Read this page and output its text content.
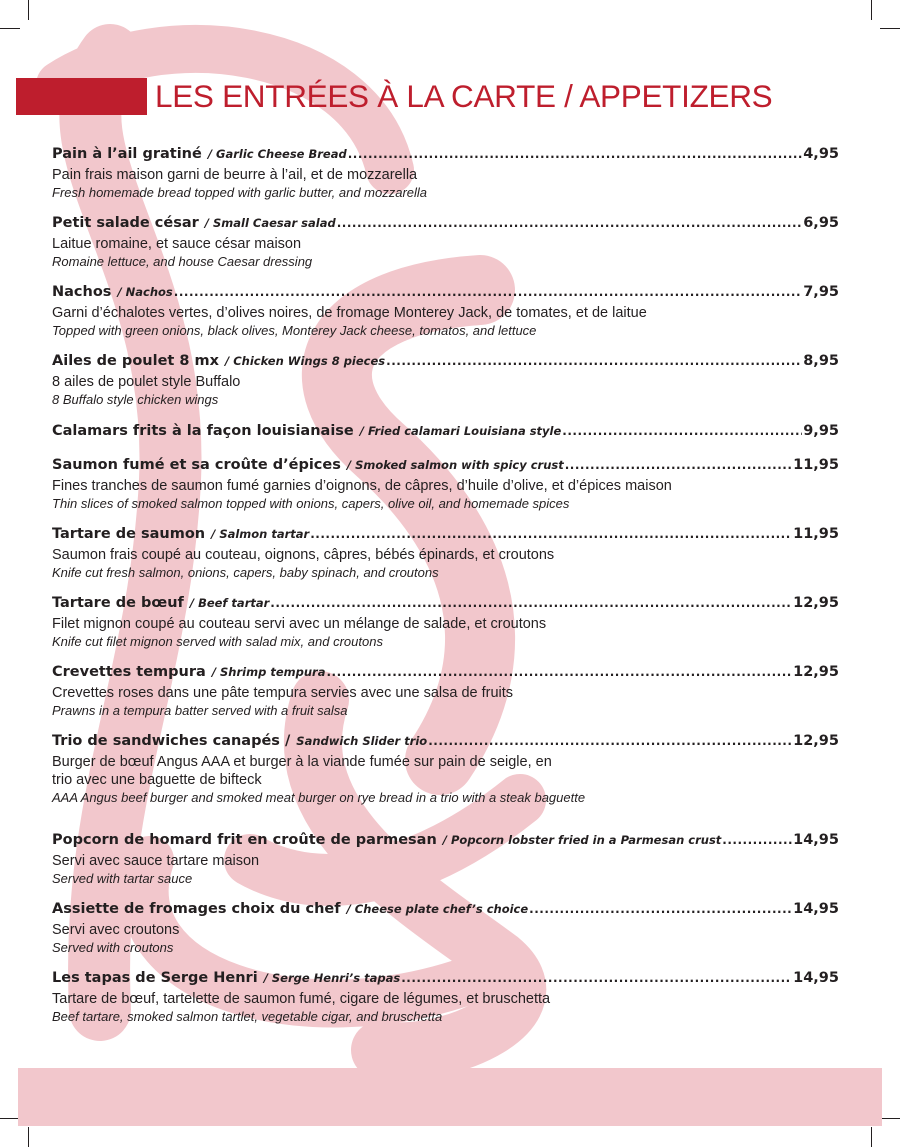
LES ENTRÉES À LA CARTE / APPETIZERS
Pain à l’ail gratiné / Garlic Cheese Bread .....	4,95
Pain frais maison garni de beurre à l’ail, et de mozzarella
Fresh homemade bread topped with garlic butter, and mozzarella
Petit salade césar / Small Caesar salad .....	6,95
Laitue romaine, et sauce césar maison
Romaine lettuce, and house Caesar dressing
Nachos / Nachos .....	7,95
Garni d’échalotes vertes, d’olives noires, de fromage Monterey Jack, de tomates, et de laitue
Topped with green onions, black olives, Monterey Jack cheese, tomatos, and lettuce
Ailes de poulet 8 mx / Chicken Wings 8 pieces .....	8,95
8 ailes de poulet style Buffalo
8 Buffalo style chicken wings
Calamars frits à la façon louisianaise / Fried calamari Louisiana style .....	9,95
Saumon fumé et sa croûte d’épices / Smoked salmon with spicy crust .....	11,95
Fines tranches de saumon fumé garnies d’oignons, de câpres, d’huile d’olive, et d’épices maison
Thin slices of smoked salmon topped with onions, capers, olive oil, and homemade spices
Tartare de saumon / Salmon tartar .....	11,95
Saumon frais coupé au couteau, oignons, câpres, bébés épinards, et croutons
Knife cut fresh salmon, onions, capers, baby spinach, and croutons
Tartare de bœuf / Beef tartar .....	12,95
Filet mignon coupé au couteau servi avec un mélange de salade, et croutons
Knife cut filet mignon served with salad mix, and croutons
Crevettes tempura / Shrimp tempura .....	12,95
Crevettes roses dans une pâte tempura servies avec une salsa de fruits
Prawns in a tempura batter served with a fruit salsa
Trio de sandwiches canapés / Sandwich Slider trio .....	12,95
Burger de bœuf Angus AAA et burger à la viande fumée sur pain de seigle, en trio avec une baguette de bifteck
AAA Angus beef burger and smoked meat burger on rye bread in a trio with a steak baguette
Popcorn de homard frit en croûte de parmesan / Popcorn lobster fried in a Parmesan crust .....	14,95
Servi avec sauce tartare maison
Served with tartar sauce
Assiette de fromages choix du chef / Cheese plate chef’s choice .....	14,95
Servi avec croutons
Served with croutons
Les tapas de Serge Henri / Serge Henri’s tapas .....	14,95
Tartare de bœuf, tartelette de saumon fumé, cigare de légumes, et bruschetta
Beef tartare, smoked salmon tartlet, vegetable cigar, and bruschetta
